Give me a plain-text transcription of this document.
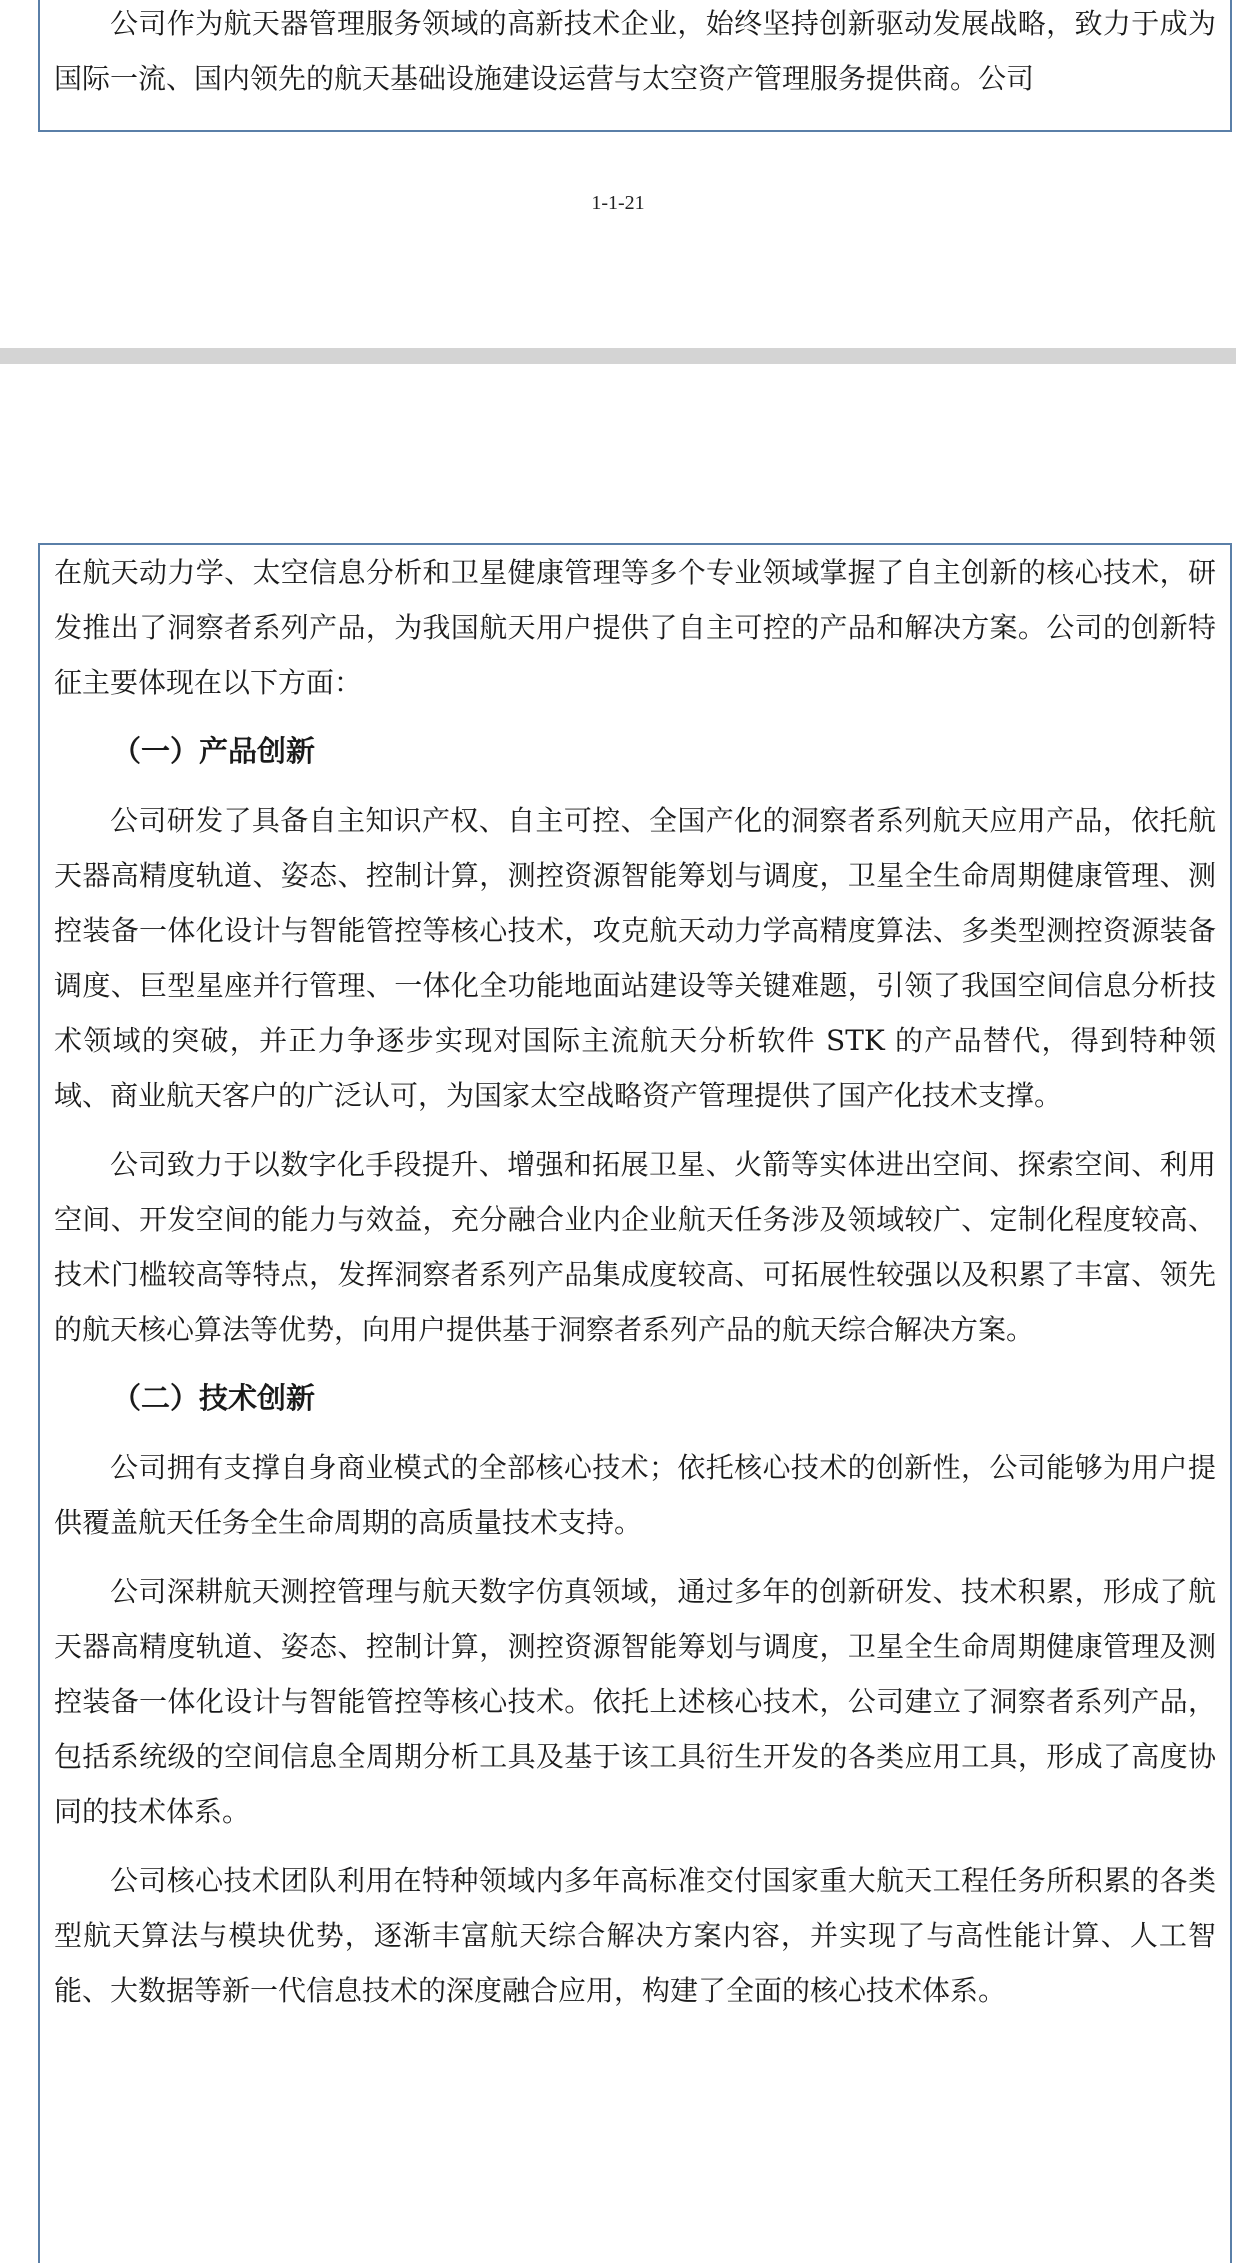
公司作为航天器管理服务领域的高新技术企业，始终坚持创新驱动发展战略，致力于成为国际一流、国内领先的航天基础设施建设运营与太空资产管理服务提供商。公司

1-1-21

在航天动力学、太空信息分析和卫星健康管理等多个专业领域掌握了自主创新的核心技术，研发推出了洞察者系列产品，为我国航天用户提供了自主可控的产品和解决方案。公司的创新特征主要体现在以下方面：

（一）产品创新

公司研发了具备自主知识产权、自主可控、全国产化的洞察者系列航天应用产品，依托航天器高精度轨道、姿态、控制计算，测控资源智能筹划与调度，卫星全生命周期健康管理、测控装备一体化设计与智能管控等核心技术，攻克航天动力学高精度算法、多类型测控资源装备调度、巨型星座并行管理、一体化全功能地面站建设等关键难题，引领了我国空间信息分析技术领域的突破，并正力争逐步实现对国际主流航天分析软件 STK 的产品替代，得到特种领域、商业航天客户的广泛认可，为国家太空战略资产管理提供了国产化技术支撑。

公司致力于以数字化手段提升、增强和拓展卫星、火箭等实体进出空间、探索空间、利用空间、开发空间的能力与效益，充分融合业内企业航天任务涉及领域较广、定制化程度较高、技术门槛较高等特点，发挥洞察者系列产品集成度较高、可拓展性较强以及积累了丰富、领先的航天核心算法等优势，向用户提供基于洞察者系列产品的航天综合解决方案。

（二）技术创新

公司拥有支撑自身商业模式的全部核心技术；依托核心技术的创新性，公司能够为用户提供覆盖航天任务全生命周期的高质量技术支持。

公司深耕航天测控管理与航天数字仿真领域，通过多年的创新研发、技术积累，形成了航天器高精度轨道、姿态、控制计算，测控资源智能筹划与调度，卫星全生命周期健康管理及测控装备一体化设计与智能管控等核心技术。依托上述核心技术，公司建立了洞察者系列产品，包括系统级的空间信息全周期分析工具及基于该工具衍生开发的各类应用工具，形成了高度协同的技术体系。

公司核心技术团队利用在特种领域内多年高标准交付国家重大航天工程任务所积累的各类型航天算法与模块优势，逐渐丰富航天综合解决方案内容，并实现了与高性能计算、人工智能、大数据等新一代信息技术的深度融合应用，构建了全面的核心技术体系。
